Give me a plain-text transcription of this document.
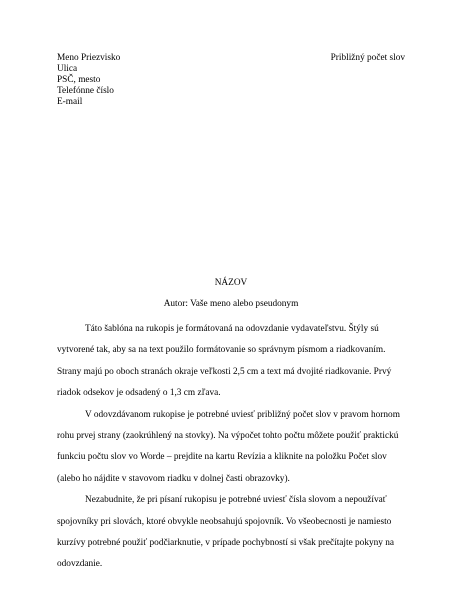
Meno Priezvisko
Ulica
PSČ, mesto
Telefónne číslo
E-mail
Približný počet slov
NÁZOV
Autor: Vaše meno alebo pseudonym

Táto šablóna na rukopis je formátovaná na odovzdanie vydavateľstvu. Štýly sú vytvorené tak, aby sa na text použilo formátovanie so správnym písmom a riadkovaním. Strany majú po oboch stranách okraje veľkosti 2,5 cm a text má dvojité riadkovanie. Prvý riadok odsekov je odsadený o 1,3 cm zľava.

V odovzdávanom rukopise je potrebné uviesť približný počet slov v pravom hornom rohu prvej strany (zaokrúhlený na stovky). Na výpočet tohto počtu môžete použiť praktickú funkciu počtu slov vo Worde – prejdite na kartu Revízia a kliknite na položku Počet slov (alebo ho nájdite v stavovom riadku v dolnej časti obrazovky).

Nezabudnite, že pri písaní rukopisu je potrebné uviesť čísla slovom a nepoužívať spojovníky pri slovách, ktoré obvykle neobsahujú spojovník. Vo všeobecnosti je namiesto kurzívy potrebné použiť podčiarknutie, v prípade pochybností si však prečítajte pokyny na odovzdanie.
